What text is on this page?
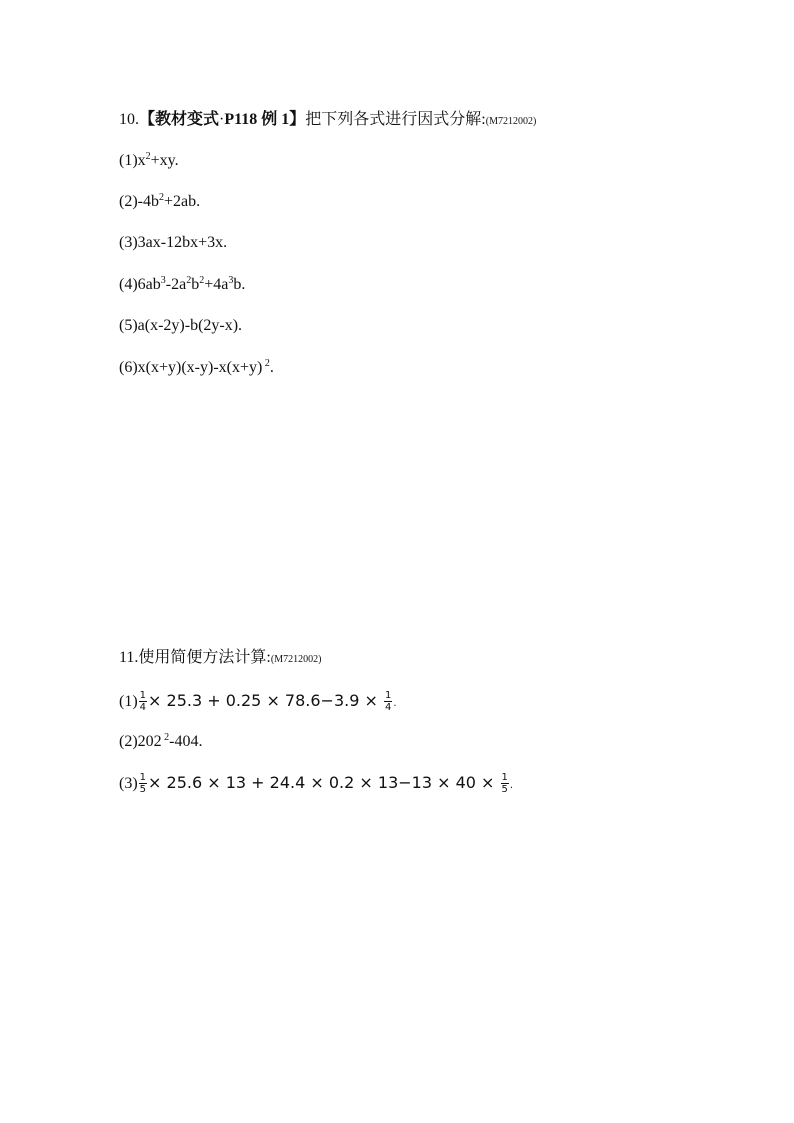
10.【教材变式·P118 例 1】把下列各式进行因式分解:(M7212002)
$(1)x^2+xy$.
$(2)-4b^2+2ab$.
(3)3ax-12bx+3x.
$(4)6ab^3-2a^2b^2+4a^3b$.
(5)a(x-2y)-b(2y-x).
(6)x(x+y)(x-y)-x(x+y) $^2$.
11.使用简便方法计算:(M7212002)
$(1) \frac{1}{4} \times 25.3 + 0.25 \times 78.6-3.9 \times \frac{1}{4}$ .
(2)202 $^2$-404.
$(3) \frac{1}{5} \times 25.6 \times 13 + 24.4 \times 0.2 \times 13-13 \times 40 \times \frac{1}{5}$ .
